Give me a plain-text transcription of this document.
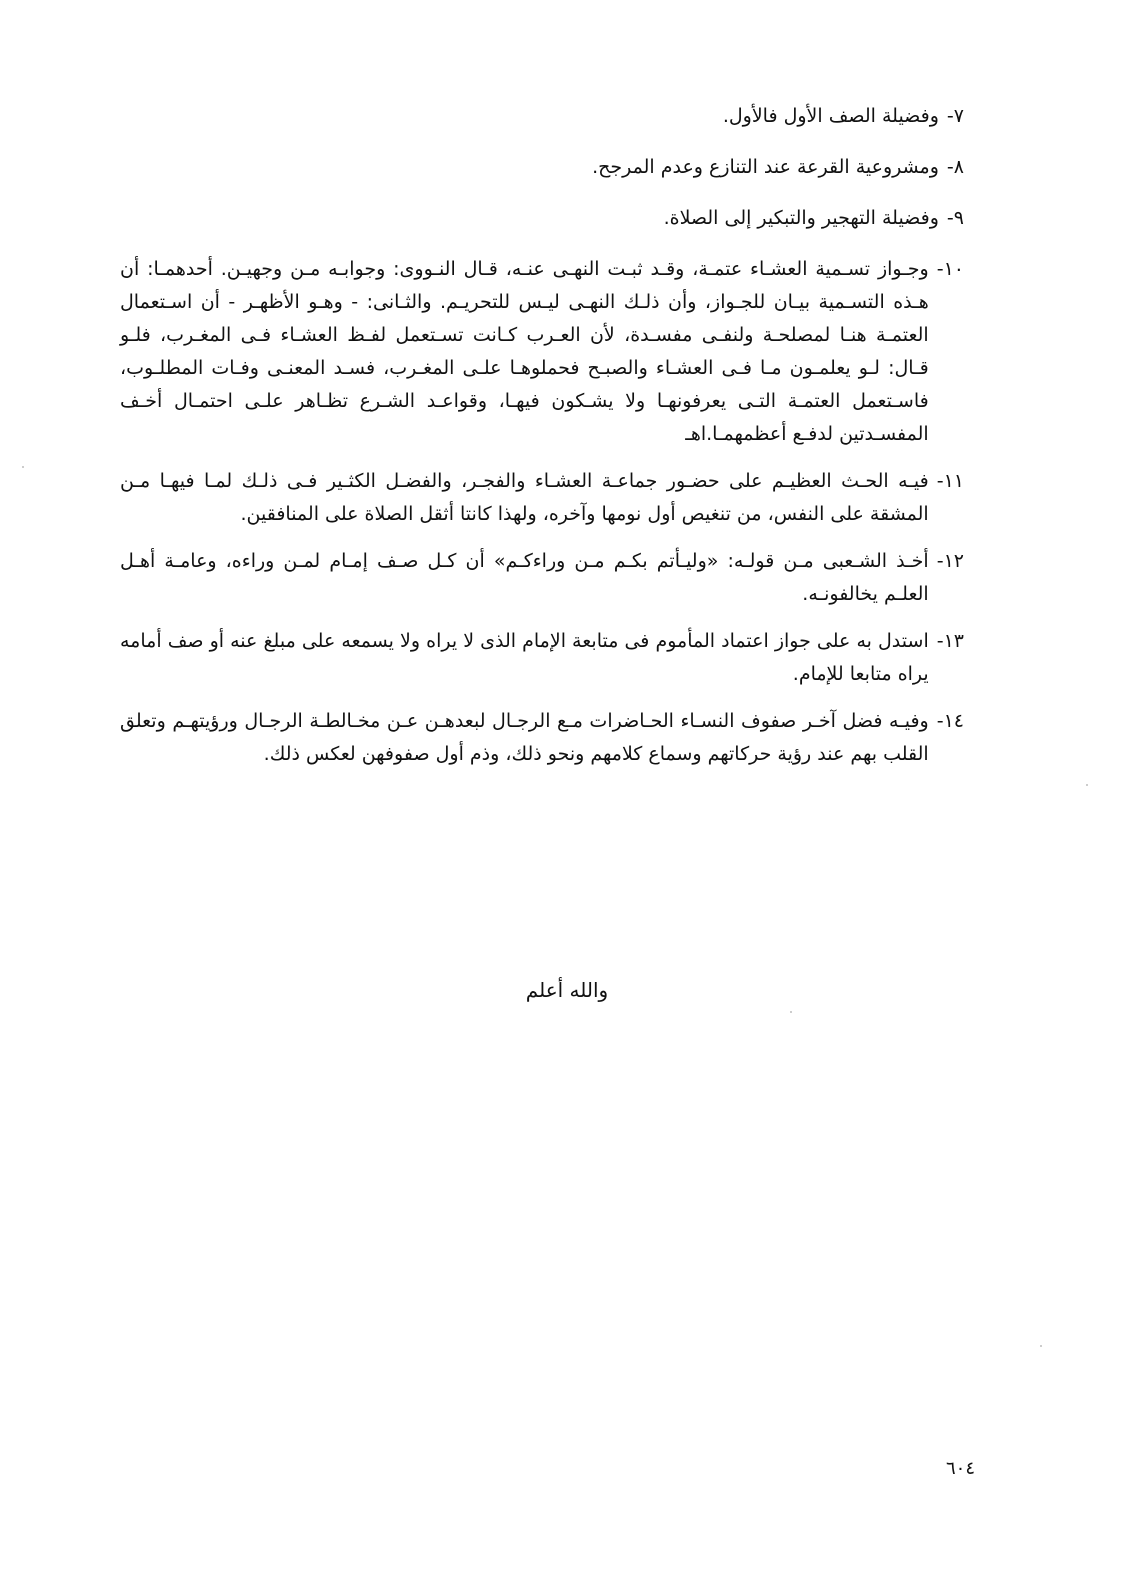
٧-
وفضيلة الصف الأول فالأول.
٨-
ومشروعية القرعة عند التنازع وعدم المرجح.
٩-
وفضيلة التهجير والتبكير إلى الصلاة.
١٠-
وجـواز تسـمية العشـاء عتمـة، وقـد ثبـت النهـى عنـه، قـال النـووى: وجوابـه مـن وجهيـن. أحدهمـا: أن هـذه التسـمية بيـان للجـواز، وأن ذلـك النهـى ليـس للتحريـم. والثـانى: - وهـو الأظهـر - أن اسـتعمال العتمـة هنـا لمصلحـة ولنفـى مفسـدة، لأن العـرب كـانت تسـتعمل لفـظ العشـاء فـى المغـرب، فلـو قـال: لـو يعلمـون مـا فـى العشـاء والصبـح فحملوهـا علـى المغـرب، فسـد المعنـى وفـات المطلـوب، فاسـتعمل العتمـة التـى يعرفونهـا ولا يشـكون فيهـا، وقواعـد الشـرع تظـاهر علـى احتمـال أخـف المفسـدتين لدفـع أعظمهمـا.اهـ
١١-
فيـه الحـث العظيـم على حضـور جماعـة العشـاء والفجـر، والفضـل الكثـير فـى ذلـك لمـا فيهـا مـن المشقة على النفس، من تنغيص أول نومها وآخره، ولهذا كانتا أثقل الصلاة على المنافقين.
١٢-
أخـذ الشـعبى مـن قولـه: «وليـأتم بكـم مـن وراءكـم» أن كـل صـف إمـام لمـن وراءه، وعامـة أهـل العلـم يخالفونـه.
١٣-
استدل به على جواز اعتماد المأموم فى متابعة الإمام الذى لا يراه ولا يسمعه على مبلغ عنه أو صف أمامه يراه متابعا للإمام.
١٤-
وفيـه فضل آخـر صفوف النسـاء الحـاضرات مـع الرجـال لبعدهـن عـن مخـالطـة الرجـال ورؤيتهـم وتعلق القلب بهم عند رؤية حركاتهم وسماع كلامهم ونحو ذلك، وذم أول صفوفهن لعكس ذلك.
والله أعلم
٦٠٤
